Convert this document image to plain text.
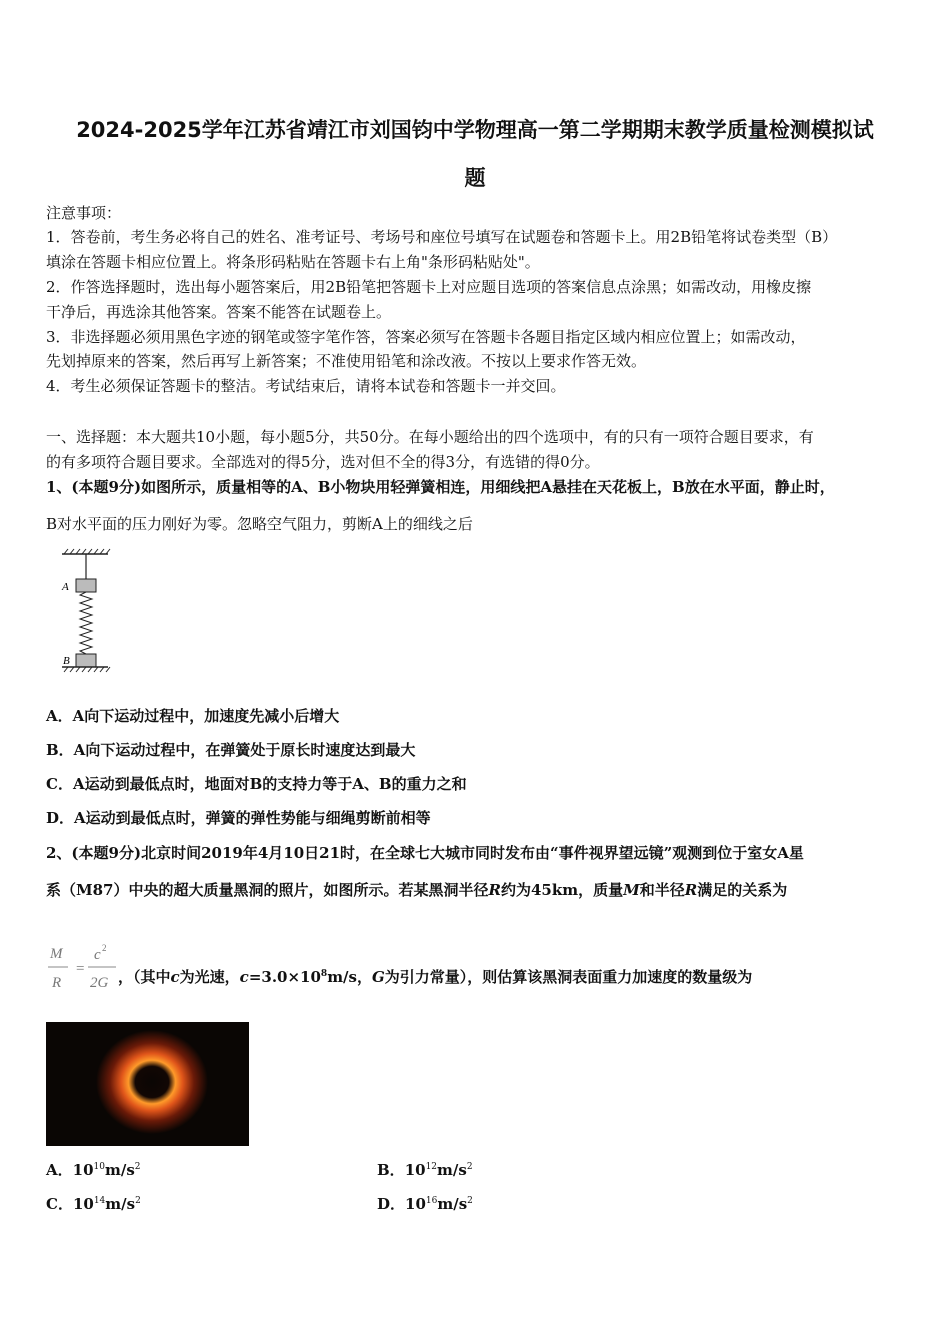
2024-2025学年江苏省靖江市刘国钧中学物理高一第二学期期末教学质量检测模拟试
题
注意事项：
1．答卷前，考生务必将自己的姓名、准考证号、考场号和座位号填写在试题卷和答题卡上。用2B铅笔将试卷类型（B）
填涂在答题卡相应位置上。将条形码粘贴在答题卡右上角"条形码粘贴处"。
2．作答选择题时，选出每小题答案后，用2B铅笔把答题卡上对应题目选项的答案信息点涂黑；如需改动，用橡皮擦
干净后，再选涂其他答案。答案不能答在试题卷上。
3．非选择题必须用黑色字迹的钢笔或签字笔作答，答案必须写在答题卡各题目指定区域内相应位置上；如需改动，
先划掉原来的答案，然后再写上新答案；不准使用铅笔和涂改液。不按以上要求作答无效。
4．考生必须保证答题卡的整洁。考试结束后，请将本试卷和答题卡一并交回。
一、选择题：本大题共10小题，每小题5分，共50分。在每小题给出的四个选项中，有的只有一项符合题目要求，有
的有多项符合题目要求。全部选对的得5分，选对但不全的得3分，有选错的得0分。
1、(本题9分)如图所示，质量相等的A、B小物块用轻弹簧相连，用细线把A悬挂在天花板上，B放在水平面，静止时，
B对水平面的压力刚好为零。忽略空气阻力，剪断A上的细线之后
A
B
A．A向下运动过程中，加速度先减小后增大
B．A向下运动过程中，在弹簧处于原长时速度达到最大
C．A运动到最低点时，地面对B的支持力等于A、B的重力之和
D．A运动到最低点时，弹簧的弹性势能与细绳剪断前相等
2、(本题9分)北京时间2019年4月10日21时，在全球七大城市同时发布由“事件视界望远镜”观测到位于室女A星
系（M87）中央的超大质量黑洞的照片，如图所示。若某黑洞半径R约为45km，质量M和半径R满足的关系为
M
R
c 2
2G
= ，（其中c为光速，$c=3.0\times 10^8m/s$，G为引力常量），则估算该黑洞表面重力加速度的数量级为
A．$10^{10}m/s^2$	B．$10^{12}m/s^2$
C．$10^{14}m/s^2$	D．$10^{16}m/s^2$
